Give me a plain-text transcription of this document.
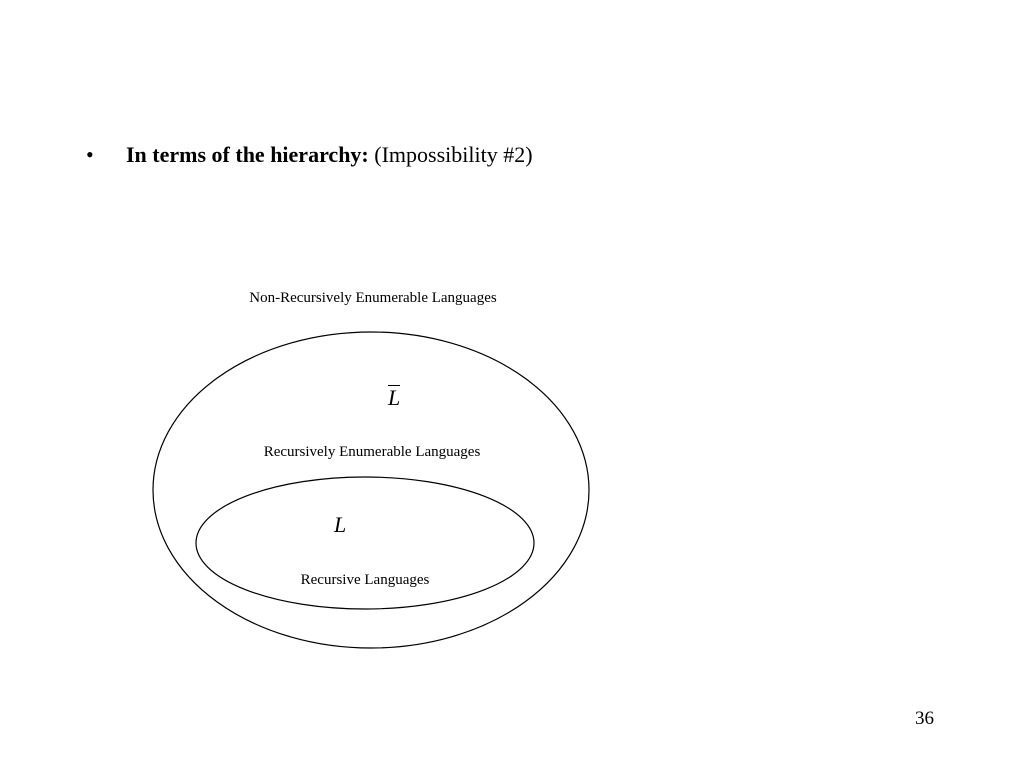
• In terms of the hierarchy: (Impossibility #2)
Non-Recursively Enumerable Languages
L
Recursively Enumerable Languages
L
Recursive Languages
36
